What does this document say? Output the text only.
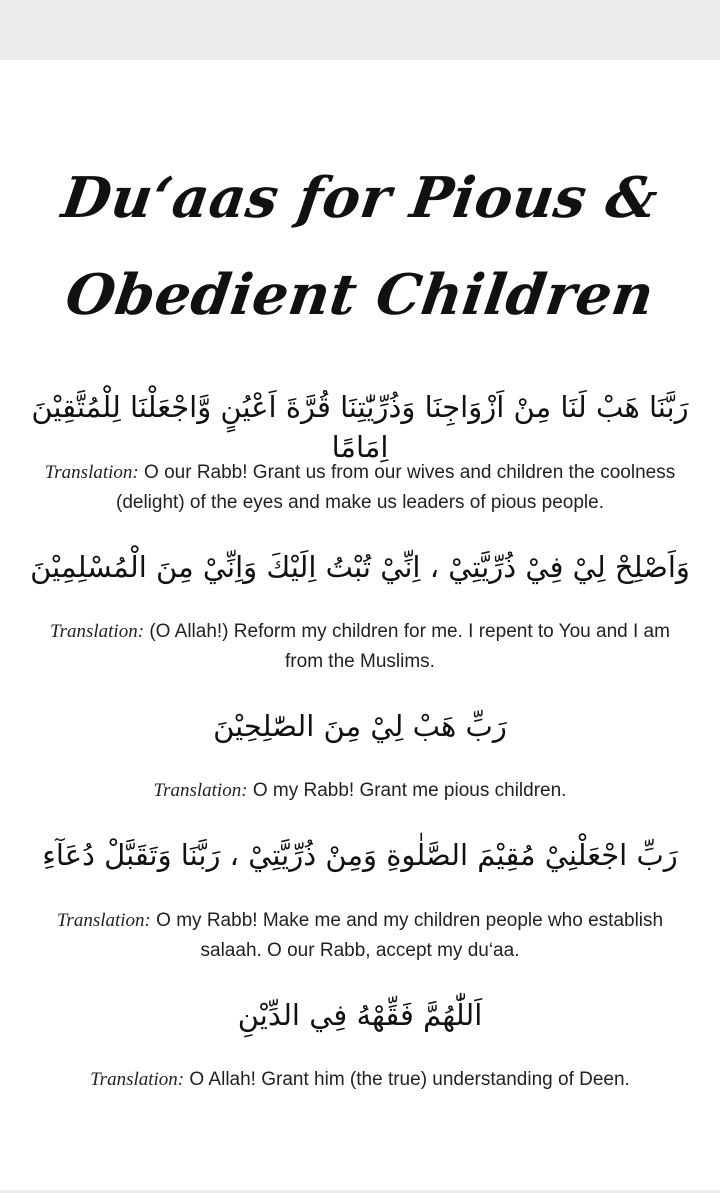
Du‘aas for Pious &
Obedient Children
رَبَّنَا هَبْ لَنَا مِنْ اَزْوَاجِنَا وَذُرِّيّٰتِنَا قُرَّةَ اَعْيُنٍ وَّاجْعَلْنَا لِلْمُتَّقِيْنَ اِمَامًا
Translation: O our Rabb! Grant us from our wives and children the coolness (delight) of the eyes and make us leaders of pious people.
وَاَصْلِحْ لِيْ فِيْ ذُرِّيَّتِيْ ، اِنِّيْ تُبْتُ اِلَيْكَ وَاِنِّيْ مِنَ الْمُسْلِمِيْنَ
Translation: (O Allah!) Reform my children for me. I repent to You and I am from the Muslims.
رَبِّ هَبْ لِيْ مِنَ الصّٰلِحِيْنَ
Translation: O my Rabb! Grant me pious children.
رَبِّ اجْعَلْنِيْ مُقِيْمَ الصَّلٰوةِ وَمِنْ ذُرِّيَّتِيْ ، رَبَّنَا وَتَقَبَّلْ دُعَآءِ
Translation: O my Rabb! Make me and my children people who establish salaah. O our Rabb, accept my du‘aa.
اَللّٰهُمَّ فَقِّهْهُ فِي الدِّيْنِ
Translation: O Allah! Grant him (the true) understanding of Deen.
